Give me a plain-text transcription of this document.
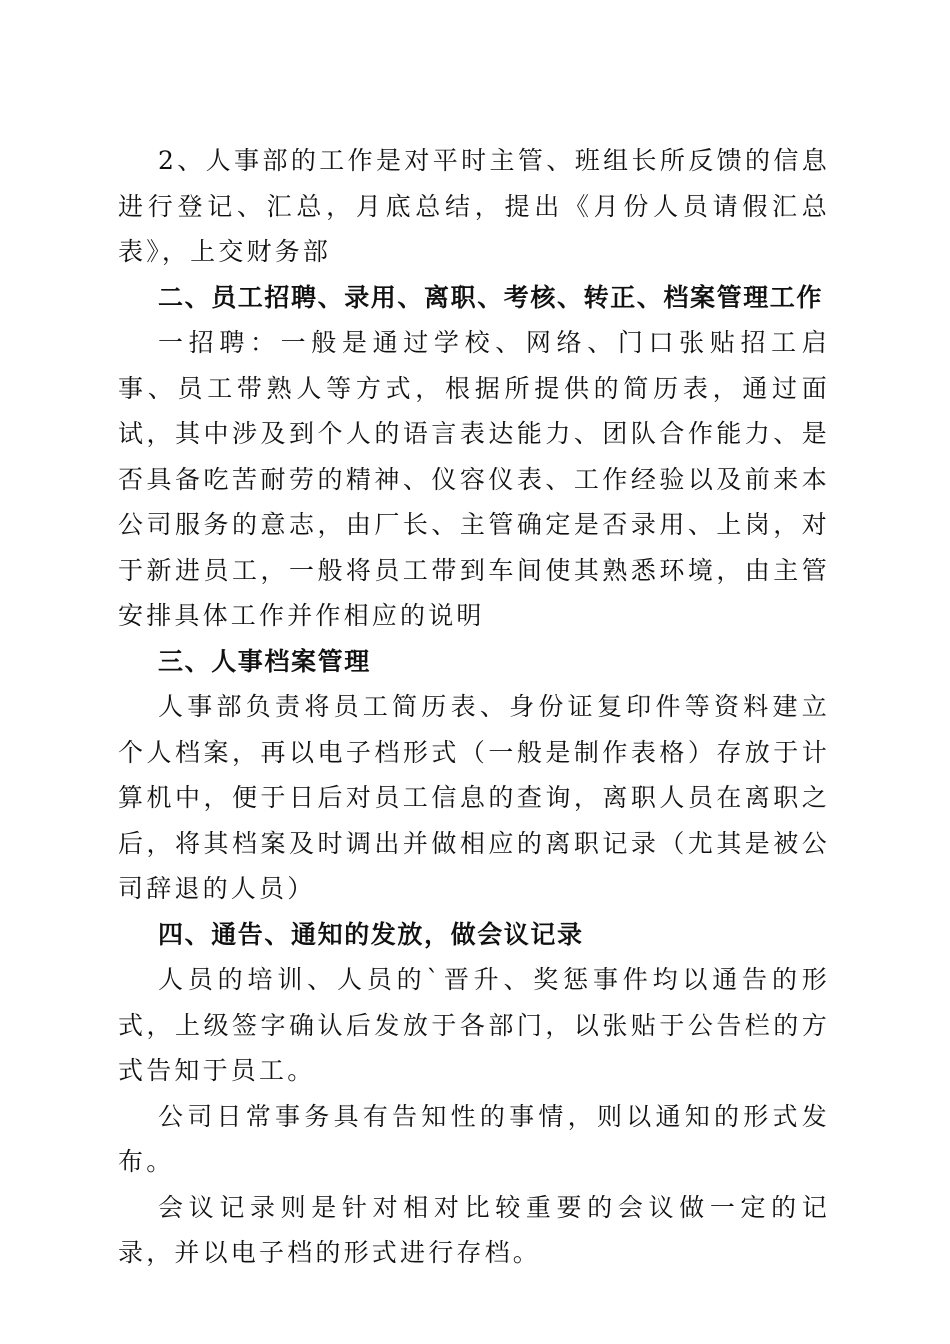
2、人事部的工作是对平时主管、班组长所反馈的信息进行登记、汇总，月底总结，提出《月份人员请假汇总表》，上交财务部

二、员工招聘、录用、离职、考核、转正、档案管理工作

一招聘：一般是通过学校、网络、门口张贴招工启事、员工带熟人等方式，根据所提供的简历表，通过面试，其中涉及到个人的语言表达能力、团队合作能力、是否具备吃苦耐劳的精神、仪容仪表、工作经验以及前来本公司服务的意志，由厂长、主管确定是否录用、上岗，对于新进员工，一般将员工带到车间使其熟悉环境，由主管安排具体工作并作相应的说明

三、人事档案管理

人事部负责将员工简历表、身份证复印件等资料建立个人档案，再以电子档形式（一般是制作表格）存放于计算机中，便于日后对员工信息的查询，离职人员在离职之后，将其档案及时调出并做相应的离职记录（尤其是被公司辞退的人员）

四、通告、通知的发放，做会议记录

人员的培训、人员的`晋升、奖惩事件均以通告的形式，上级签字确认后发放于各部门，以张贴于公告栏的方式告知于员工。

公司日常事务具有告知性的事情，则以通知的形式发布。

会议记录则是针对相对比较重要的会议做一定的记录，并以电子档的形式进行存档。
